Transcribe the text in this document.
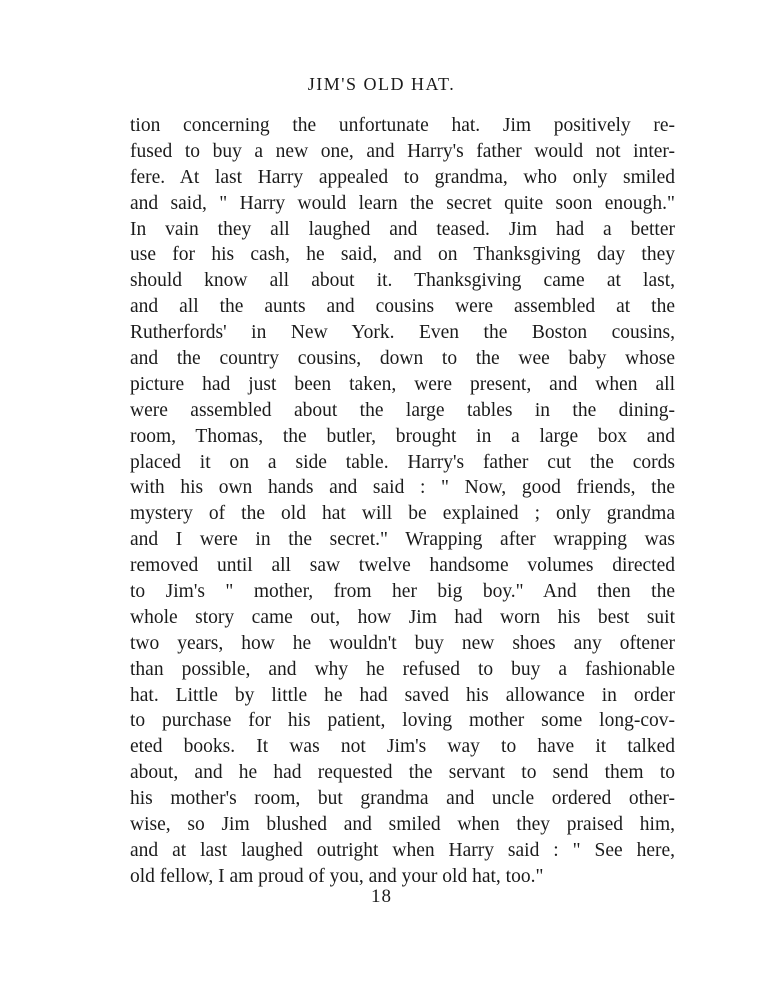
JIM'S OLD HAT.
tion concerning the unfortunate hat. Jim positively re-
fused to buy a new one, and Harry's father would not inter-
fere. At last Harry appealed to grandma, who only smiled
and said, " Harry would learn the secret quite soon enough."
In vain they all laughed and teased. Jim had a better
use for his cash, he said, and on Thanksgiving day they
should know all about it. Thanksgiving came at last,
and all the aunts and cousins were assembled at the
Rutherfords' in New York. Even the Boston cousins,
and the country cousins, down to the wee baby whose
picture had just been taken, were present, and when all
were assembled about the large tables in the dining-
room, Thomas, the butler, brought in a large box and
placed it on a side table. Harry's father cut the cords
with his own hands and said : " Now, good friends, the
mystery of the old hat will be explained ; only grandma
and I were in the secret." Wrapping after wrapping was
removed until all saw twelve handsome volumes directed
to Jim's " mother, from her big boy." And then the
whole story came out, how Jim had worn his best suit
two years, how he wouldn't buy new shoes any oftener
than possible, and why he refused to buy a fashionable
hat. Little by little he had saved his allowance in order
to purchase for his patient, loving mother some long-cov-
eted books. It was not Jim's way to have it talked
about, and he had requested the servant to send them to
his mother's room, but grandma and uncle ordered other-
wise, so Jim blushed and smiled when they praised him,
and at last laughed outright when Harry said : " See here,
old fellow, I am proud of you, and your old hat, too."
18
